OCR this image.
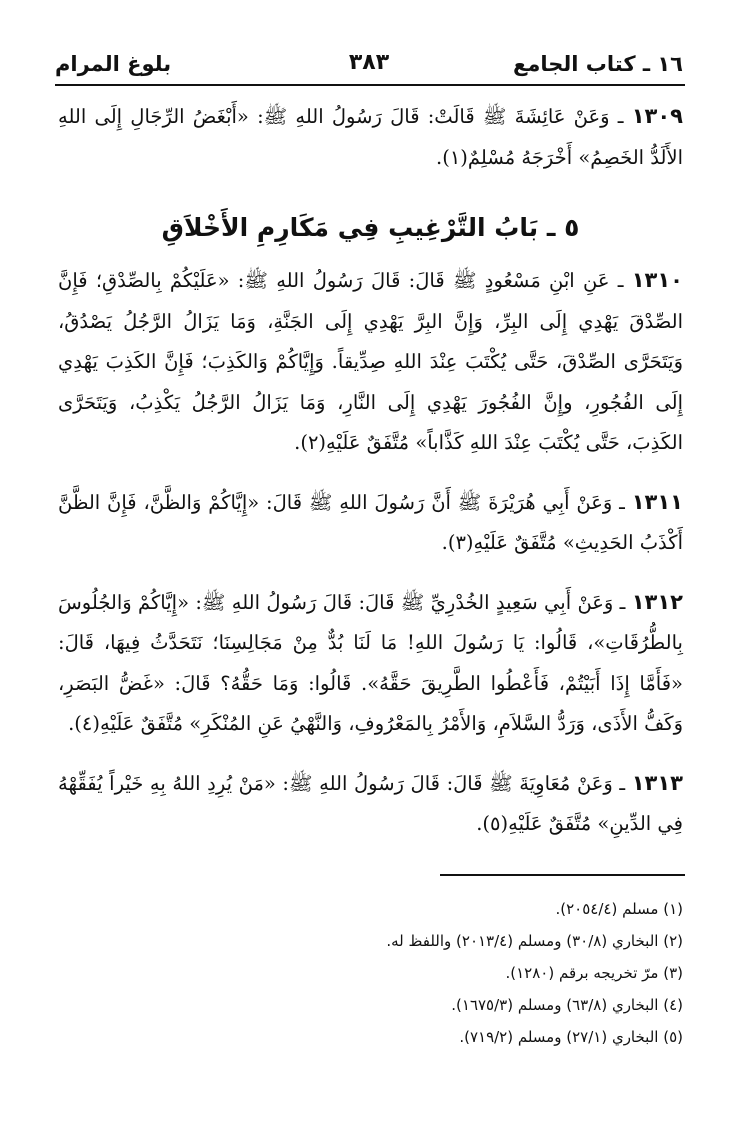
١٦ ـ كتاب الجامع
٣٨٣
بلوغ المرام

١٣٠٩ ـ وَعَنْ عَائِشَةَ ﷺ قَالَتْ: قَالَ رَسُولُ اللهِ ﷺ: «أَبْغَضُ الرِّجَالِ إِلَى اللهِ الأَلَدُّ الخَصِمُ» أَخْرَجَهُ مُسْلِمٌ(١).

٥ ـ بَابُ التَّرْغِيبِ فِي مَكَارِمِ الأَخْلاَقِ

١٣١٠ ـ عَنِ ابْنِ مَسْعُودٍ ﷺ قَالَ: قَالَ رَسُولُ اللهِ ﷺ: «عَلَيْكُمْ بِالصِّدْقِ؛ فَإِنَّ الصِّدْقَ يَهْدِي إِلَى البِرِّ، وَإِنَّ البِرَّ يَهْدِي إِلَى الجَنَّةِ، وَمَا يَزَالُ الرَّجُلُ يَصْدُقُ، وَيَتَحَرَّى الصِّدْقَ، حَتَّى يُكْتَبَ عِنْدَ اللهِ صِدِّيقاً. وَإِيَّاكُمْ وَالكَذِبَ؛ فَإِنَّ الكَذِبَ يَهْدِي إِلَى الفُجُورِ، وإِنَّ الفُجُورَ يَهْدِي إِلَى النَّارِ، وَمَا يَزَالُ الرَّجُلُ يَكْذِبُ، وَيَتَحَرَّى الكَذِبَ، حَتَّى يُكْتَبَ عِنْدَ اللهِ كَذَّاباً» مُتَّفَقٌ عَلَيْهِ(٢).

١٣١١ ـ وَعَنْ أَبِي هُرَيْرَةَ ﷺ أَنَّ رَسُولَ اللهِ ﷺ قَالَ: «إِيَّاكُمْ وَالظَّنَّ، فَإِنَّ الظَّنَّ أَكْذَبُ الحَدِيثِ» مُتَّفَقٌ عَلَيْهِ(٣).

١٣١٢ ـ وَعَنْ أَبِي سَعِيدٍ الخُدْرِيِّ ﷺ قَالَ: قَالَ رَسُولُ اللهِ ﷺ: «إِيَّاكُمْ وَالجُلُوسَ بِالطُّرُقَاتِ»، قَالُوا: يَا رَسُولَ اللهِ! مَا لَنَا بُدٌّ مِنْ مَجَالِسِنَا؛ نَتَحَدَّثُ فِيهَا، قَالَ: «فَأَمَّا إِذَا أَبَيْتُمْ، فَأَعْطُوا الطَّرِيقَ حَقَّهُ». قَالُوا: وَمَا حَقُّهُ؟ قَالَ: «غَضُّ البَصَرِ، وَكَفُّ الأَذَى، وَرَدُّ السَّلاَمِ، وَالأَمْرُ بِالمَعْرُوفِ، وَالنَّهْيُ عَنِ المُنْكَرِ» مُتَّفَقٌ عَلَيْهِ(٤).

١٣١٣ ـ وَعَنْ مُعَاوِيَةَ ﷺ قَالَ: قَالَ رَسُولُ اللهِ ﷺ: «مَنْ يُرِدِ اللهُ بِهِ خَيْراً يُفَقِّهْهُ فِي الدِّينِ» مُتَّفَقٌ عَلَيْهِ(٥).

(١) مسلم (٢٠٥٤/٤).
(٢) البخاري (٣٠/٨) ومسلم (٢٠١٣/٤) واللفظ له.
(٣) مرّ تخريجه برقم (١٢٨٠).
(٤) البخاري (٦٣/٨) ومسلم (١٦٧٥/٣).
(٥) البخاري (٢٧/١) ومسلم (٧١٩/٢).
